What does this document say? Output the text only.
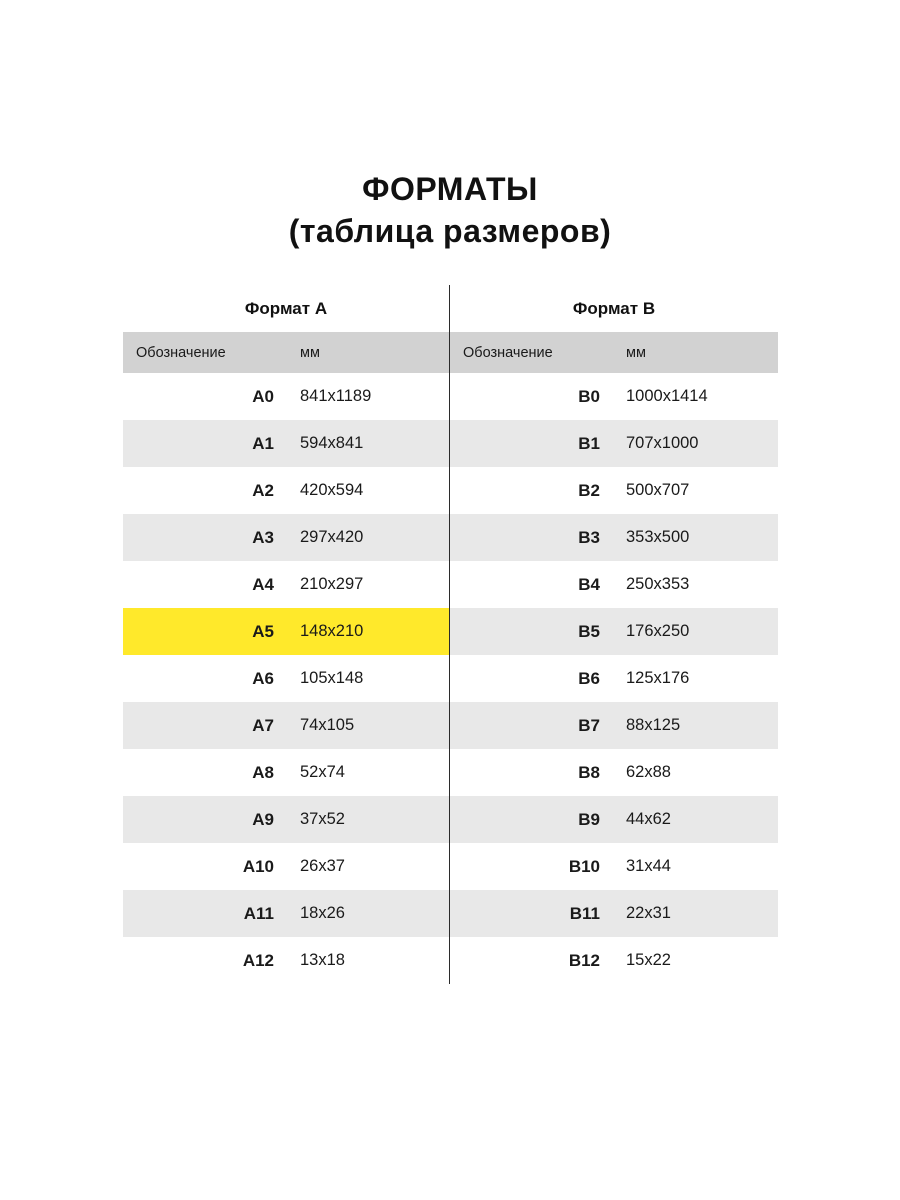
ФОРМАТЫ
(таблица размеров)
Формат А	Формат В
Обозначение	мм	Обозначение	мм
A0	841x1189	B0	1000x1414
A1	594x841	B1	707x1000
A2	420x594	B2	500x707
A3	297x420	B3	353x500
A4	210x297	B4	250x353
A5	148x210	B5	176x250
A6	105x148	B6	125x176
A7	74x105	B7	88x125
A8	52x74	B8	62x88
A9	37x52	B9	44x62
A10	26x37	B10	31x44
A11	18x26	B11	22x31
A12	13x18	B12	15x22
